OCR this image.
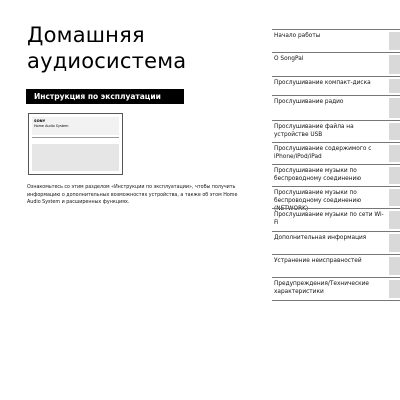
Домашняя
аудиосистема
Инструкция по эксплуатации
SONY
Home Audio System
Ознакомьтесь со этим разделом «Инструкции по эксплуатации», чтобы получить информацию о дополнительных возможностях устройства, а также об этом Home Audio System и расширенных функциях.
Начало работы
О SongPal
Прослушивание компакт-диска
Прослушивание радио
Прослушивание файла на устройстве USB
Прослушивание содержимого с iPhone/iPod/iPad
Прослушивание музыки по беспроводному соединению
Прослушивание музыки по беспроводному соединению (NETWORK)
Прослушивание музыки по сети Wi-Fi
Дополнительная информация
Устранение неисправностей
Предупреждения/Технические характеристики
